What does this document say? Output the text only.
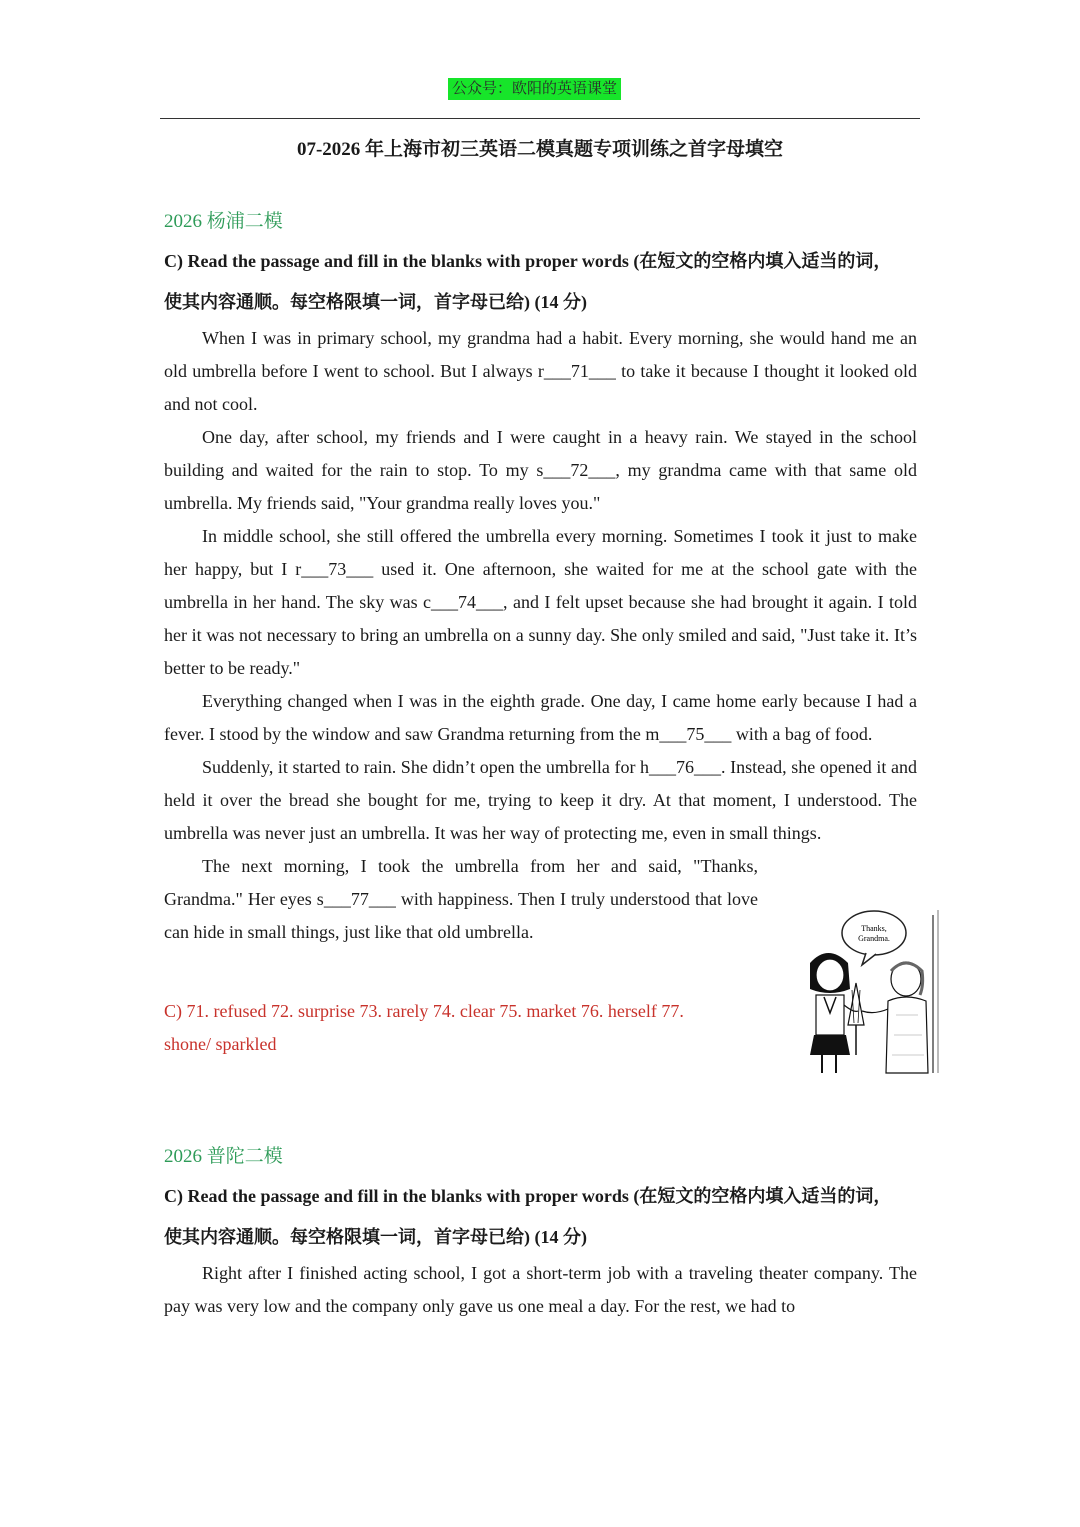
公众号：欧阳的英语课堂
07-2026 年上海市初三英语二模真题专项训练之首字母填空

2026 杨浦二模

C) Read the passage and fill in the blanks with proper words (在短文的空格内填入适当的词，

使其内容通顺。每空格限填一词，首字母已给) (14 分)

When I was in primary school, my grandma had a habit. Every morning, she would hand me an old umbrella before I went to school. But I always r___71___ to take it because I thought it looked old and not cool.

One day, after school, my friends and I were caught in a heavy rain. We stayed in the school building and waited for the rain to stop. To my s___72___, my grandma came with that same old umbrella. My friends said, "Your grandma really loves you."

In middle school, she still offered the umbrella every morning. Sometimes I took it just to make her happy, but I r___73___ used it. One afternoon, she waited for me at the school gate with the umbrella in her hand. The sky was c___74___, and I felt upset because she had brought it again. I told her it was not necessary to bring an umbrella on a sunny day. She only smiled and said, "Just take it. It’s better to be ready."

Everything changed when I was in the eighth grade. One day, I came home early because I had a fever. I stood by the window and saw Grandma returning from the m___75___ with a bag of food.

Suddenly, it started to rain. She didn’t open the umbrella for h___76___. Instead, she opened it and held it over the bread she bought for me, trying to keep it dry. At that moment, I understood. The umbrella was never just an umbrella. It was her way of protecting me, even in small things.

The next morning, I took the umbrella from her and said, "Thanks, Grandma." Her eyes s___77___ with happiness. Then I truly understood that love can hide in small things, just like that old umbrella.

C) 71. refused 72. surprise 73. rarely 74. clear 75. market 76. herself 77. shone/ sparkled

2026 普陀二模

C) Read the passage and fill in the blanks with proper words (在短文的空格内填入适当的词，

使其内容通顺。每空格限填一词，首字母已给) (14 分)

Right after I finished acting school, I got a short-term job with a traveling theater company. The pay was very low and the company only gave us one meal a day. For the rest, we had to

Thanks,
Grandma.
